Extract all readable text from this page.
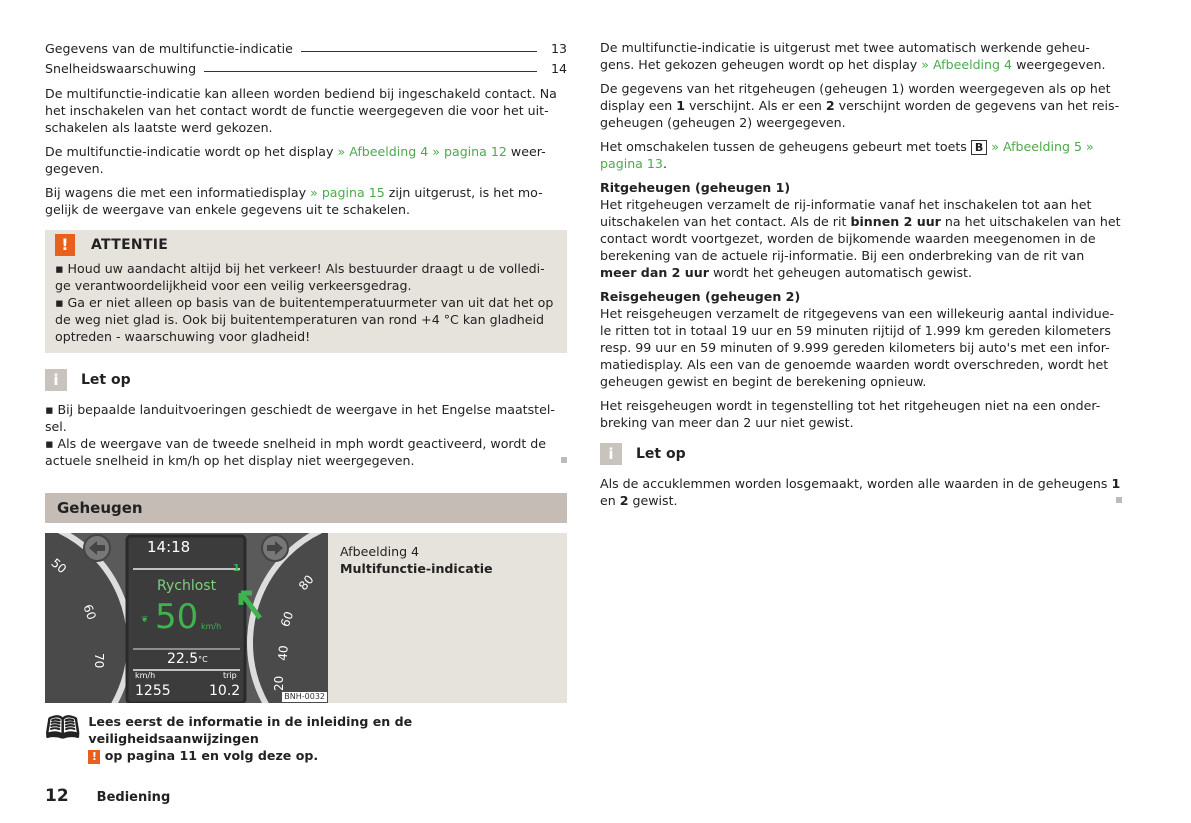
Gegevens van de multifunctie-indicatie	13
Snelheidswaarschuwing	14

De multifunctie-indicatie kan alleen worden bediend bij ingeschakeld contact. Na het inschakelen van het contact wordt de functie weergegeven die voor het uit-schakelen als laatste werd gekozen.

De multifunctie-indicatie wordt op het display » Afbeelding 4 » pagina 12 weer-gegeven.

Bij wagens die met een informatiedisplay » pagina 15 zijn uitgerust, is het mo-gelijk de weergave van enkele gegevens uit te schakelen.

!	ATTENTIE
▪ Houd uw aandacht altijd bij het verkeer! Als bestuurder draagt u de volledi-ge verantwoordelijkheid voor een veilig verkeersgedrag.
▪ Ga er niet alleen op basis van de buitentemperatuurmeter van uit dat het op de weg niet glad is. Ook bij buitentemperaturen van rond +4 °C kan gladheid optreden - waarschuwing voor gladheid!
i	Let op
▪ Bij bepaalde landuitvoeringen geschiedt de weergave in het Engelse maatstel-sel.
▪ Als de weergave van de tweede snelheid in mph wordt geactiveerd, wordt de actuele snelheid in km/h op het display niet weergegeven.
Geheugen
50
60
70
80
60
40
20
14:18
1
Rychlost
❦ 50 km/h
$22.5^{^\circ C}$
km/h
1255
trip
10.2	BNH-0032
Afbeelding 4
Multifunctie-indicatie
🕮 Lees eerst de informatie in de inleiding en de veiligheidsaanwijzingen
! op pagina 11 en volg deze op.

De multifunctie-indicatie is uitgerust met twee automatisch werkende geheu-gens. Het gekozen geheugen wordt op het display » Afbeelding 4 weergegeven.

De gegevens van het ritgeheugen (geheugen 1) worden weergegeven als op het display een 1 verschijnt. Als er een 2 verschijnt worden de gegevens van het reis-geheugen (geheugen 2) weergegeven.

Het omschakelen tussen de geheugens gebeurt met toets B » Afbeelding 5 » pagina 13.

Ritgeheugen (geheugen 1)

Het ritgeheugen verzamelt de rij-informatie vanaf het inschakelen tot aan het uitschakelen van het contact. Als de rit binnen 2 uur na het uitschakelen van het contact wordt voortgezet, worden de bijkomende waarden meegenomen in de berekening van de actuele rij-informatie. Bij een onderbreking van de rit van meer dan 2 uur wordt het geheugen automatisch gewist.

Reisgeheugen (geheugen 2)

Het reisgeheugen verzamelt de ritgegevens van een willekeurig aantal individue-le ritten tot in totaal 19 uur en 59 minuten rijtijd of 1.999 km gereden kilometers resp. 99 uur en 59 minuten of 9.999 gereden kilometers bij auto's met een infor-matiedisplay. Als een van de genoemde waarden wordt overschreden, wordt het geheugen gewist en begint de berekening opnieuw.

Het reisgeheugen wordt in tegenstelling tot het ritgeheugen niet na een onder-breking van meer dan 2 uur niet gewist.

i	Let op

Als de accuklemmen worden losgemaakt, worden alle waarden in de geheugens 1 en 2 gewist.

12 Bediening
